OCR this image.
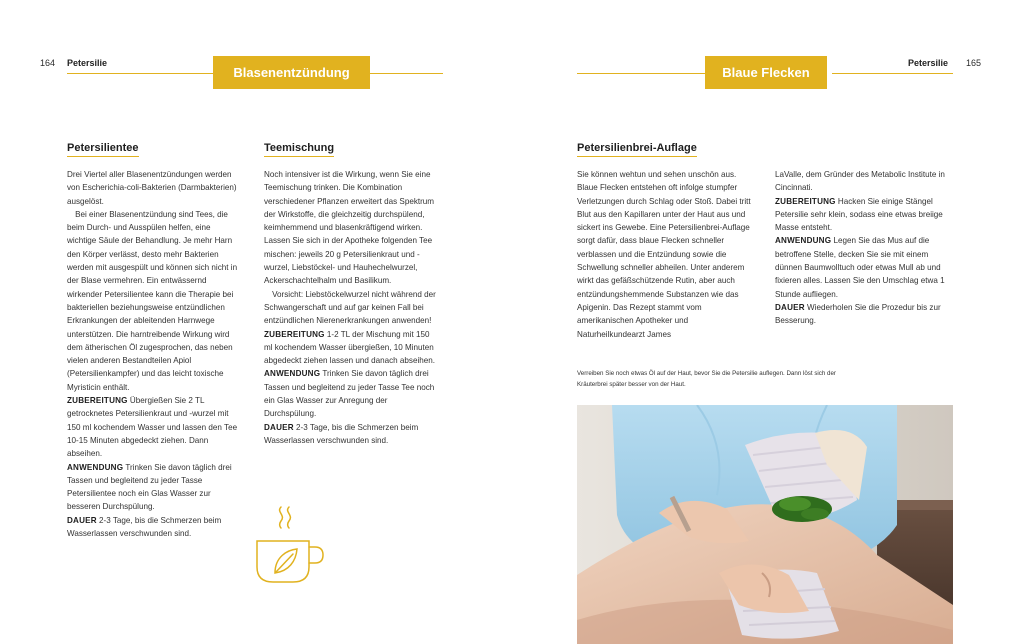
164 Petersilie
Blasenentzündung
Petersilientee

Drei Viertel aller Blasenentzündungen werden von Escherichia-coli-Bakterien (Darmbakterien) ausgelöst.

Bei einer Blasenentzündung sind Tees, die beim Durch- und Ausspülen helfen, eine wichtige Säule der Behandlung. Je mehr Harn den Körper verlässt, desto mehr Bakterien werden mit ausgespült und können sich nicht in der Blase vermehren. Ein entwässernd wirkender Petersilientee kann die Therapie bei bakteriellen beziehungsweise entzündlichen Erkrankungen der ableitenden Harnwege unterstützen. Die harntreibende Wirkung wird dem ätherischen Öl zugesprochen, das neben vielen anderen Bestandteilen Apiol (Petersilienkampfer) und das leicht toxische Myristicin enthält.

ZUBEREITUNG Übergießen Sie 2 TL getrocknetes Petersilienkraut und -wurzel mit 150 ml kochendem Wasser und lassen den Tee 10-15 Minuten abgedeckt ziehen. Dann abseihen.

ANWENDUNG Trinken Sie davon täglich drei Tassen und begleitend zu jeder Tasse Petersilientee noch ein Glas Wasser zur besseren Durchspülung.

DAUER 2-3 Tage, bis die Schmerzen beim Wasserlassen verschwunden sind.

Teemischung

Noch intensiver ist die Wirkung, wenn Sie eine Teemischung trinken. Die Kombination verschiedener Pflanzen erweitert das Spektrum der Wirkstoffe, die gleichzeitig durchspülend, keimhemmend und blasenkräftigend wirken. Lassen Sie sich in der Apotheke folgenden Tee mischen: jeweils 20 g Petersilienkraut und -wurzel, Liebstöckel- und Hauhechelwurzel, Ackerschachtelhalm und Basilikum.

Vorsicht: Liebstöckelwurzel nicht während der Schwangerschaft und auf gar keinen Fall bei entzündlichen Nierenerkrankungen anwenden!

ZUBEREITUNG 1-2 TL der Mischung mit 150 ml kochendem Wasser übergießen, 10 Minuten abgedeckt ziehen lassen und danach abseihen.

ANWENDUNG Trinken Sie davon täglich drei Tassen und begleitend zu jeder Tasse Tee noch ein Glas Wasser zur Anregung der Durchspülung.

DAUER 2-3 Tage, bis die Schmerzen beim Wasserlassen verschwunden sind.

Blaue Flecken
Petersilie 165
Petersilienbrei-Auflage

Sie können wehtun und sehen unschön aus. Blaue Flecken entstehen oft infolge stumpfer Verletzungen durch Schlag oder Stoß. Dabei tritt Blut aus den Kapillaren unter der Haut aus und sickert ins Gewebe. Eine Petersilienbrei-Auflage sorgt dafür, dass blaue Flecken schneller verblassen und die Entzündung sowie die Schwellung schneller abheilen. Unter anderem wirkt das gefäßschützende Rutin, aber auch entzündungshemmende Substanzen wie das Apigenin. Das Rezept stammt vom amerikanischen Apotheker und Naturheilkundearzt James

LaValle, dem Gründer des Metabolic Institute in Cincinnati.

ZUBEREITUNG Hacken Sie einige Stängel Petersilie sehr klein, sodass eine etwas breiige Masse entsteht.

ANWENDUNG Legen Sie das Mus auf die betroffene Stelle, decken Sie sie mit einem dünnen Baumwolltuch oder etwas Mull ab und fixieren alles. Lassen Sie den Umschlag etwa 1 Stunde aufliegen.

DAUER Wiederholen Sie die Prozedur bis zur Besserung.

Verreiben Sie noch etwas Öl auf der Haut, bevor Sie die Petersilie auflegen. Dann löst sich der Kräuterbrei später besser von der Haut.
